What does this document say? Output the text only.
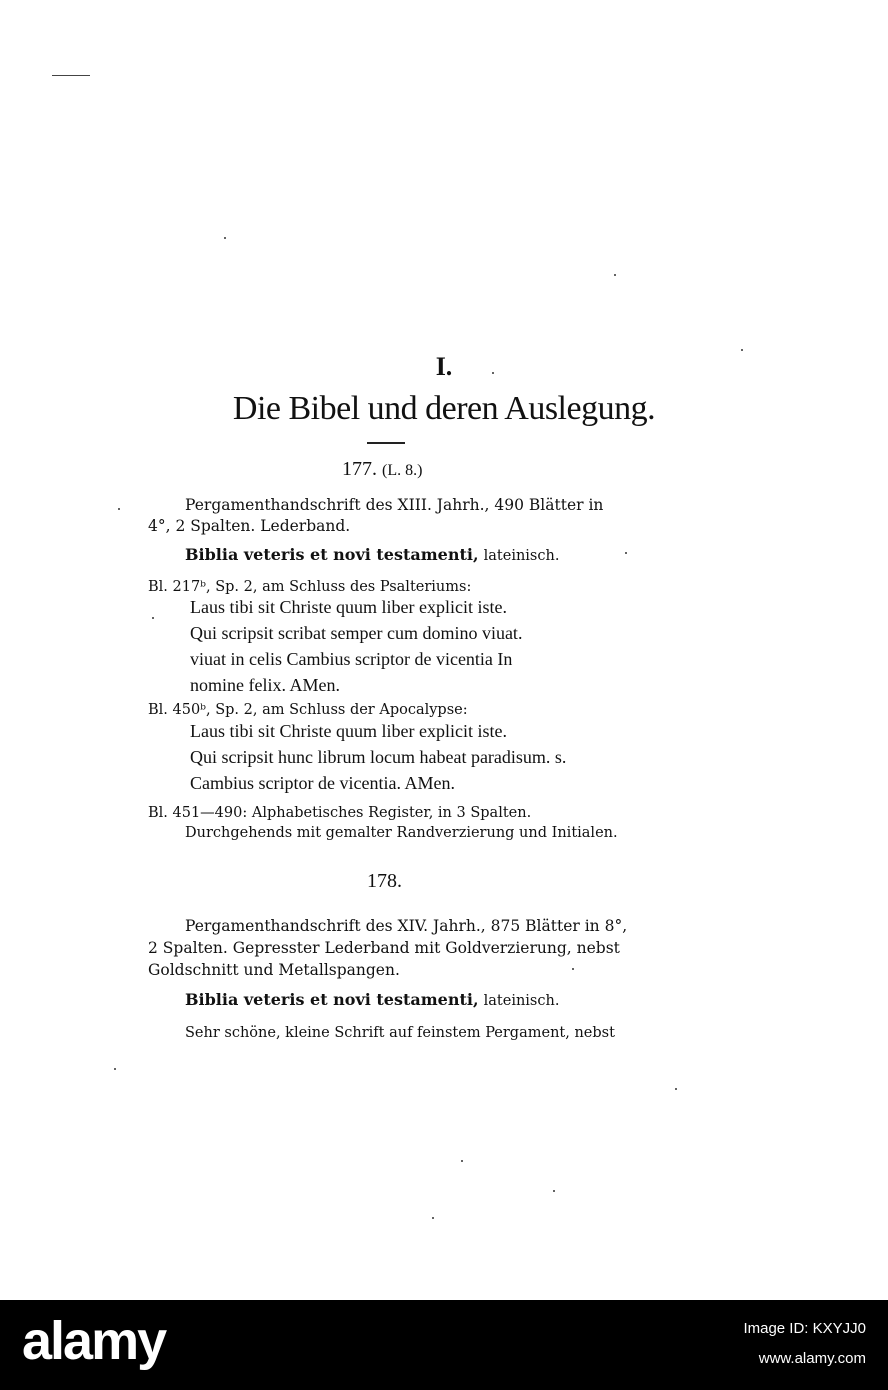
I.
Die Bibel und deren Auslegung.
177. (L. 8.)
Pergamenthandschrift des XIII. Jahrh., 490 Blätter in
4°, 2 Spalten. Lederband.
Biblia veteris et novi testamenti, lateinisch.
Bl. 217ᵇ, Sp. 2, am Schluss des Psalteriums:
Laus tibi sit Christe quum liber explicit iste.
Qui scripsit scribat semper cum domino viuat.
viuat in celis Cambius scriptor de vicentia In
nomine felix. AMen.
Bl. 450ᵇ, Sp. 2, am Schluss der Apocalypse:
Laus tibi sit Christe quum liber explicit iste.
Qui scripsit hunc librum locum habeat paradisum. s.
Cambius scriptor de vicentia. AMen.
Bl. 451—490: Alphabetisches Register, in 3 Spalten.
Durchgehends mit gemalter Randverzierung und Initialen.
178.
Pergamenthandschrift des XIV. Jahrh., 875 Blätter in 8°,
2 Spalten. Gepresster Lederband mit Goldverzierung, nebst
Goldschnitt und Metallspangen.
Biblia veteris et novi testamenti, lateinisch.
Sehr schöne, kleine Schrift auf feinstem Pergament, nebst
alamy	Image ID: KXYJJ0
www.alamy.com
